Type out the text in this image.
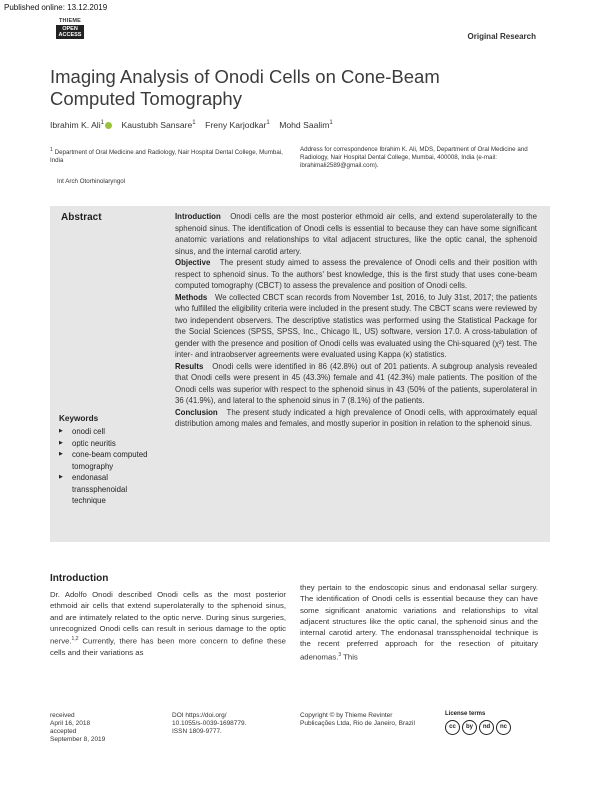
Published online: 13.12.2019
THIEME
OPEN
ACCESS	Original Research
Imaging Analysis of Onodi Cells on Cone-Beam Computed Tomography
Ibrahim K. Ali$^1$ Kaustubh Sansare$^1$ Freny Karjodkar$^1$ Mohd Saalim$^1$
$^1$ Department of Oral Medicine and Radiology, Nair Hospital Dental College, Mumbai, India
Int Arch Otorhinolaryngol
Address for correspondence Ibrahim K. Ali, MDS, Department of Oral Medicine and Radiology, Nair Hospital Dental College, Mumbai, 400008, India (e-mail: ibrahimali2589@gmail.com).
Abstract	Introduction Onodi cells are the most posterior ethmoid air cells, and extend superolaterally to the sphenoid sinus. The identification of Onodi cells is essential to because they can have some significant anatomic variations and relationships to vital adjacent structures, like the optic canal, the sphenoid sinus, and the internal carotid artery.

Objective The present study aimed to assess the prevalence of Onodi cells and their position with respect to sphenoid sinus. To the authors' best knowledge, this is the first study that uses cone-beam computed tomography (CBCT) to assess the prevalence and position of Onodi cells.

Methods We collected CBCT scan records from November 1st, 2016, to July 31st, 2017; the patients who fulfilled the eligibility criteria were included in the present study. The CBCT scans were reviewed by two independent observers. The descriptive statistics was performed using the Statistical Package for the Social Sciences (SPSS, SPSS, Inc., Chicago IL, US) software, version 17.0. A cross-tabulation of gender with the presence and position of Onodi cells was evaluated using the Chi-squared (χ²) test. The inter- and intraobserver agreements were evaluated using Kappa (κ) statistics.

Results Onodi cells were identified in 86 (42.8%) out of 201 patients. A subgroup analysis revealed that Onodi cells were present in 45 (43.3%) female and 41 (42.3%) male patients. The position of the Onodi cells was superior with respect to the sphenoid sinus in 43 (50% of the patients, superolateral in 36 (41.9%), and lateral to the sphenoid sinus in 7 (8.1%) of the patients.

Conclusion The present study indicated a high prevalence of Onodi cells, with approximately equal distribution among males and females, and mostly superior in position in relation to the sphenoid sinus.

Keywords
▶ onodi cell
▶ optic neuritis
▶ cone-beam computed tomography
▶ endonasal transsphenoidal technique
Introduction
Dr. Adolfo Onodi described Onodi cells as the most posterior ethmoid air cells that extend superolaterally to the sphenoid sinus, and are intimately related to the optic nerve. During sinus surgeries, unrecognized Onodi cells can result in serious damage to the optic nerve.$^{1,2}$ Currently, there has been more concern to define these cells and their variations as
they pertain to the endoscopic sinus and endonasal sellar surgery. The identification of Onodi cells is essential because they can have some significant anatomic variations and relationships to vital adjacent structures like the optic canal, the sphenoid sinus and the internal carotid artery. The endonasal transsphenoidal technique is the recent preferred approach for the resection of pituitary adenomas.$^3$ This
received
April 16, 2018
accepted
September 8, 2019
DOI https://doi.org/
10.1055/s-0039-1698779.
ISSN 1809-9777.
Copyright © by Thieme Revinter
Publicações Ltda, Rio de Janeiro, Brazil
License terms
cc	by	nd	nc
